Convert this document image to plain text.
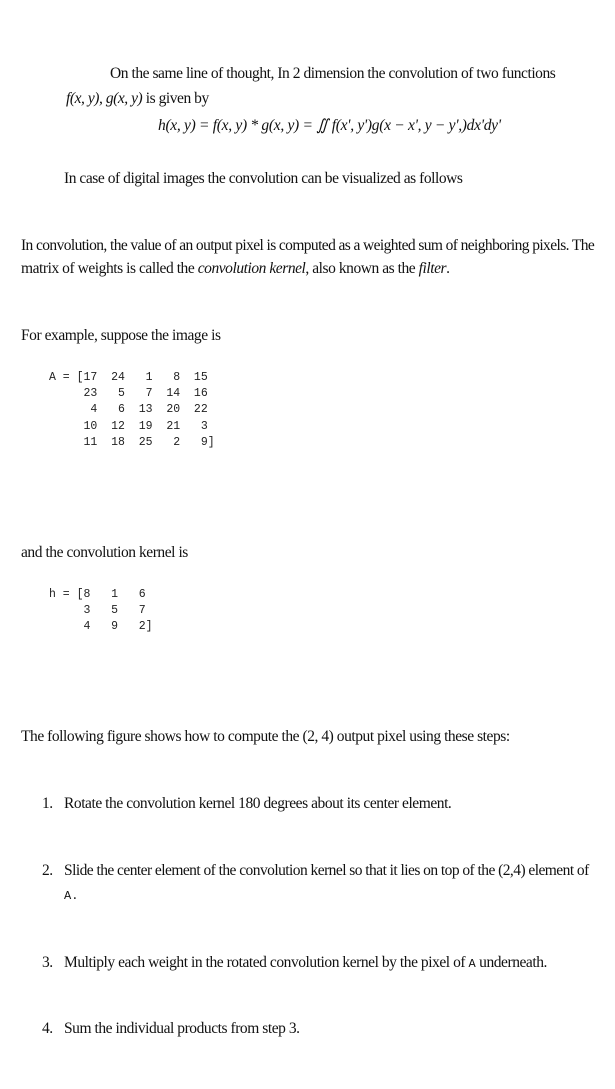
On the same line of thought, In 2 dimension the convolution of two functions
f(x, y), g(x, y) is given by
h(x, y) = f(x, y) * g(x, y) = ∬ f(x', y')g(x − x', y − y',)dx'dy'
In case of digital images the convolution can be visualized as follows
In convolution, the value of an output pixel is computed as a weighted sum of neighboring pixels. The
matrix of weights is called the convolution kernel, also known as the filter.
For example, suppose the image is
A = [17  24   1   8  15
23   5   7  14  16
4   6  13  20  22
10  12  19  21   3
11  18  25   2   9]
and the convolution kernel is
h = [8   1   6
3   5   7
4   9   2]
The following figure shows how to compute the (2, 4) output pixel using these steps:
1. Rotate the convolution kernel 180 degrees about its center element.
2. Slide the center element of the convolution kernel so that it lies on top of the (2,4) element of
A.
3. Multiply each weight in the rotated convolution kernel by the pixel of A underneath.
4. Sum the individual products from step 3.
